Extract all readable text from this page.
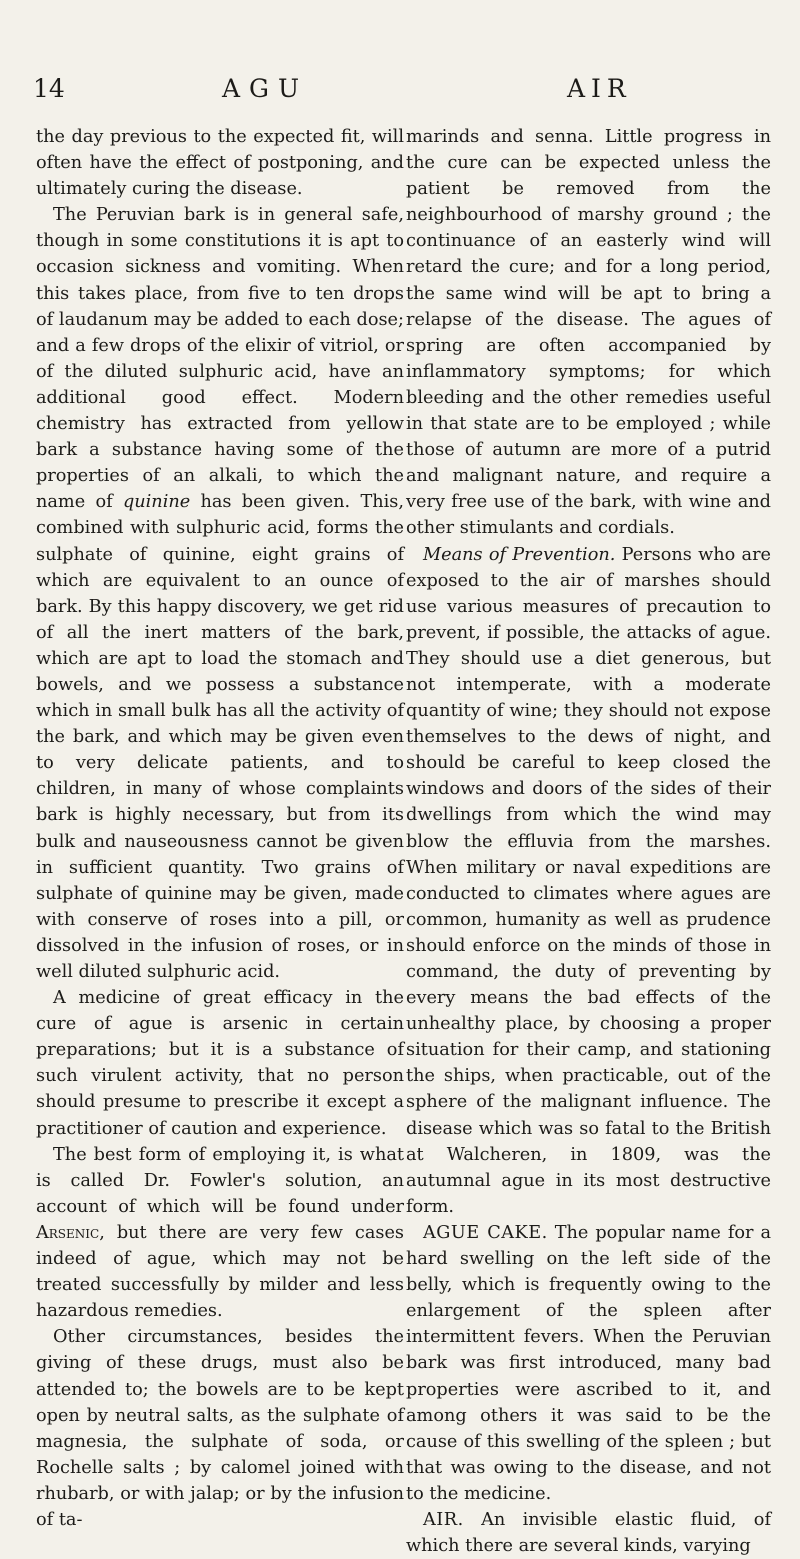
14	AGU	AIR

the day previous to the expected fit, will often have the effect of postponing, and ultimately curing the disease.

The Peruvian bark is in general safe, though in some constitutions it is apt to occasion sickness and vomiting. When this takes place, from five to ten drops of laudanum may be added to each dose; and a few drops of the elixir of vitriol, or of the diluted sulphuric acid, have an additional good effect. Modern chemistry has extracted from yellow bark a substance having some of the properties of an alkali, to which the name of quinine has been given. This, combined with sulphuric acid, forms the sulphate of quinine, eight grains of which are equivalent to an ounce of bark. By this happy discovery, we get rid of all the inert matters of the bark, which are apt to load the stomach and bowels, and we possess a substance which in small bulk has all the activity of the bark, and which may be given even to very delicate patients, and to children, in many of whose complaints bark is highly necessary, but from its bulk and nauseousness cannot be given in sufficient quantity. Two grains of sulphate of quinine may be given, made with conserve of roses into a pill, or dissolved in the infusion of roses, or in well diluted sulphuric acid.

A medicine of great efficacy in the cure of ague is arsenic in certain preparations; but it is a substance of such virulent activity, that no person should presume to prescribe it except a practitioner of caution and experience.

The best form of employing it, is what is called Dr. Fowler's solution, an account of which will be found under Arsenic, but there are very few cases indeed of ague, which may not be treated successfully by milder and less hazardous remedies.

Other circumstances, besides the giving of these drugs, must also be attended to; the bowels are to be kept open by neutral salts, as the sulphate of magnesia, the sulphate of soda, or Rochelle salts ; by calomel joined with rhubarb, or with jalap; or by the infusion of ta-

marinds and senna. Little progress in the cure can be expected unless the patient be removed from the neighbourhood of marshy ground ; the continuance of an easterly wind will retard the cure; and for a long period, the same wind will be apt to bring a relapse of the disease. The agues of spring are often accompanied by inflammatory symptoms; for which bleeding and the other remedies useful in that state are to be employed ; while those of autumn are more of a putrid and malignant nature, and require a very free use of the bark, with wine and other stimulants and cordials.

Means of Prevention. Persons who are exposed to the air of marshes should use various measures of precaution to prevent, if possible, the attacks of ague. They should use a diet generous, but not intemperate, with a moderate quantity of wine; they should not expose themselves to the dews of night, and should be careful to keep closed the windows and doors of the sides of their dwellings from which the wind may blow the effluvia from the marshes. When military or naval expeditions are conducted to climates where agues are common, humanity as well as prudence should enforce on the minds of those in command, the duty of preventing by every means the bad effects of the unhealthy place, by choosing a proper situation for their camp, and stationing the ships, when practicable, out of the sphere of the malignant influence. The disease which was so fatal to the British at Walcheren, in 1809, was the autumnal ague in its most destructive form.

AGUE CAKE. The popular name for a hard swelling on the left side of the belly, which is frequently owing to the enlargement of the spleen after intermittent fevers. When the Peruvian bark was first introduced, many bad properties were ascribed to it, and among others it was said to be the cause of this swelling of the spleen ; but that was owing to the disease, and not to the medicine.

AIR. An invisible elastic fluid, of which there are several kinds, varying
